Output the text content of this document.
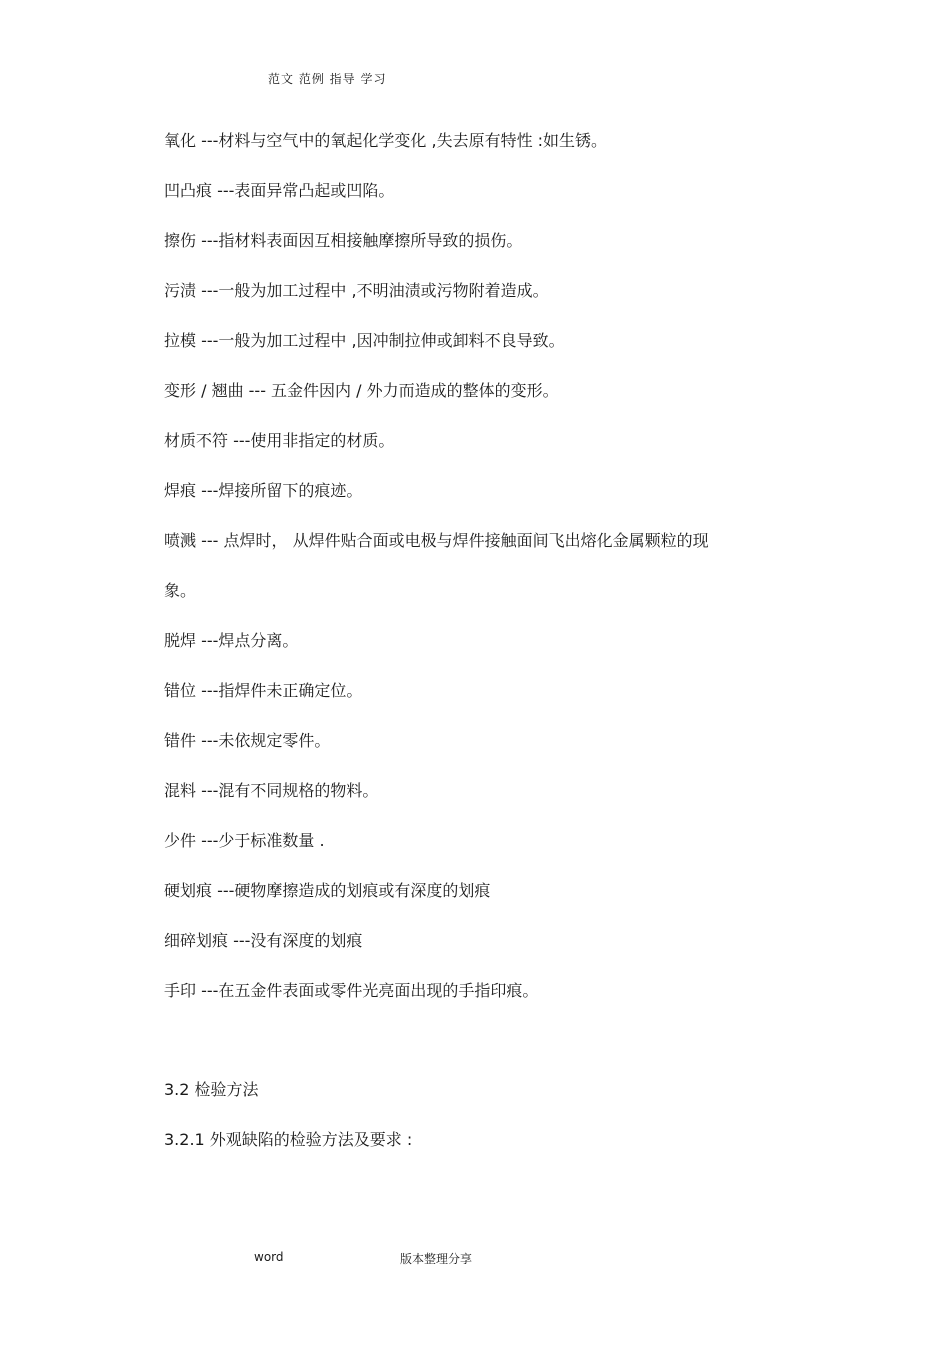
范文 范例 指导 学习
氧化 ---材料与空气中的氧起化学变化 ,失去原有特性 :如生锈。
凹凸痕 ---表面异常凸起或凹陷。
擦伤 ---指材料表面因互相接触摩擦所导致的损伤。
污渍 ---一般为加工过程中 ,不明油渍或污物附着造成。
拉模 ---一般为加工过程中 ,因冲制拉伸或卸料不良导致。
变形 / 翘曲 --- 五金件因内 / 外力而造成的整体的变形。
材质不符 ---使用非指定的材质。
焊痕 ---焊接所留下的痕迹。
喷溅 --- 点焊时， 从焊件贴合面或电极与焊件接触面间飞出熔化金属颗粒的现
象。
脱焊 ---焊点分离。
错位 ---指焊件未正确定位。
错件 ---未依规定零件。
混料 ---混有不同规格的物料。
少件 ---少于标准数量 .
硬划痕 ---硬物摩擦造成的划痕或有深度的划痕
细碎划痕 ---没有深度的划痕
手印 ---在五金件表面或零件光亮面出现的手指印痕。
3.2 检验方法
3.2.1 外观缺陷的检验方法及要求 :
word	版本整理分享
